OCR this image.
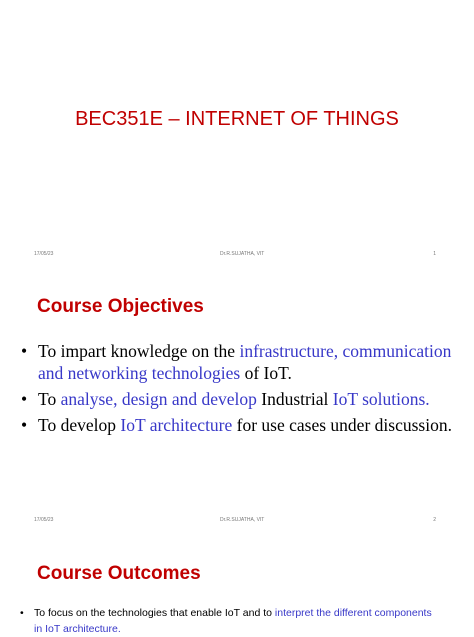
BEC351E – INTERNET OF THINGS
17/05/23	Dr.R.SUJATHA, VIT	1
Course Objectives
• To impart knowledge on the infrastructure, communication and networking technologies of IoT.
• To analyse, design and develop Industrial IoT solutions.
• To develop IoT architecture for use cases under discussion.
17/05/23	Dr.R.SUJATHA, VIT	2
Course Outcomes
• To focus on the technologies that enable IoT and to interpret the different components in IoT architecture.
